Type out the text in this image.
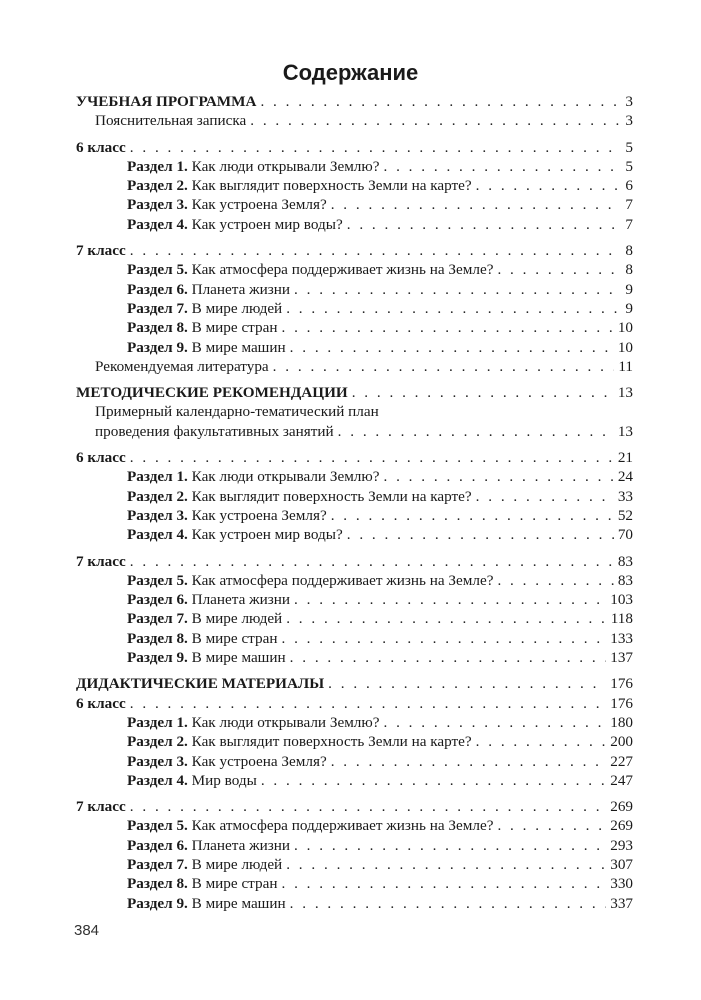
Содержание
УЧЕБНАЯ ПРОГРАММА . . .	3
Пояснительная записка . . .	3
6 класс . . .	5
Раздел 1. Как люди открывали Землю? . . .	5
Раздел 2. Как выглядит поверхность Земли на карте? . . .	6
Раздел 3. Как устроена Земля? . . .	7
Раздел 4. Как устроен мир воды? . . .	7
7 класс . . .	8
Раздел 5. Как атмосфера поддерживает жизнь на Земле? . . .	8
Раздел 6. Планета жизни . . .	9
Раздел 7. В мире людей . . .	9
Раздел 8. В мире стран . . .	10
Раздел 9. В мире машин . . .	10
Рекомендуемая литература . . .	11
МЕТОДИЧЕСКИЕ РЕКОМЕНДАЦИИ . . .	13
Примерный календарно-тематический план
проведения факультативных занятий . . .	13
6 класс . . .	21
Раздел 1. Как люди открывали Землю? . . .	24
Раздел 2. Как выглядит поверхность Земли на карте? . . .	33
Раздел 3. Как устроена Земля? . . .	52
Раздел 4. Как устроен мир воды? . . .	70
7 класс . . .	83
Раздел 5. Как атмосфера поддерживает жизнь на Земле? . . .	83
Раздел 6. Планета жизни . . .	103
Раздел 7. В мире людей . . .	118
Раздел 8. В мире стран . . .	133
Раздел 9. В мире машин . . .	137
ДИДАКТИЧЕСКИЕ МАТЕРИАЛЫ . . .	176
6 класс . . .	176
Раздел 1. Как люди открывали Землю? . . .	180
Раздел 2. Как выглядит поверхность Земли на карте? . . .	200
Раздел 3. Как устроена Земля? . . .	227
Раздел 4. Мир воды . . .	247
7 класс . . .	269
Раздел 5. Как атмосфера поддерживает жизнь на Земле? . . .	269
Раздел 6. Планета жизни . . .	293
Раздел 7. В мире людей . . .	307
Раздел 8. В мире стран . . .	330
Раздел 9. В мире машин . . .	337
384
